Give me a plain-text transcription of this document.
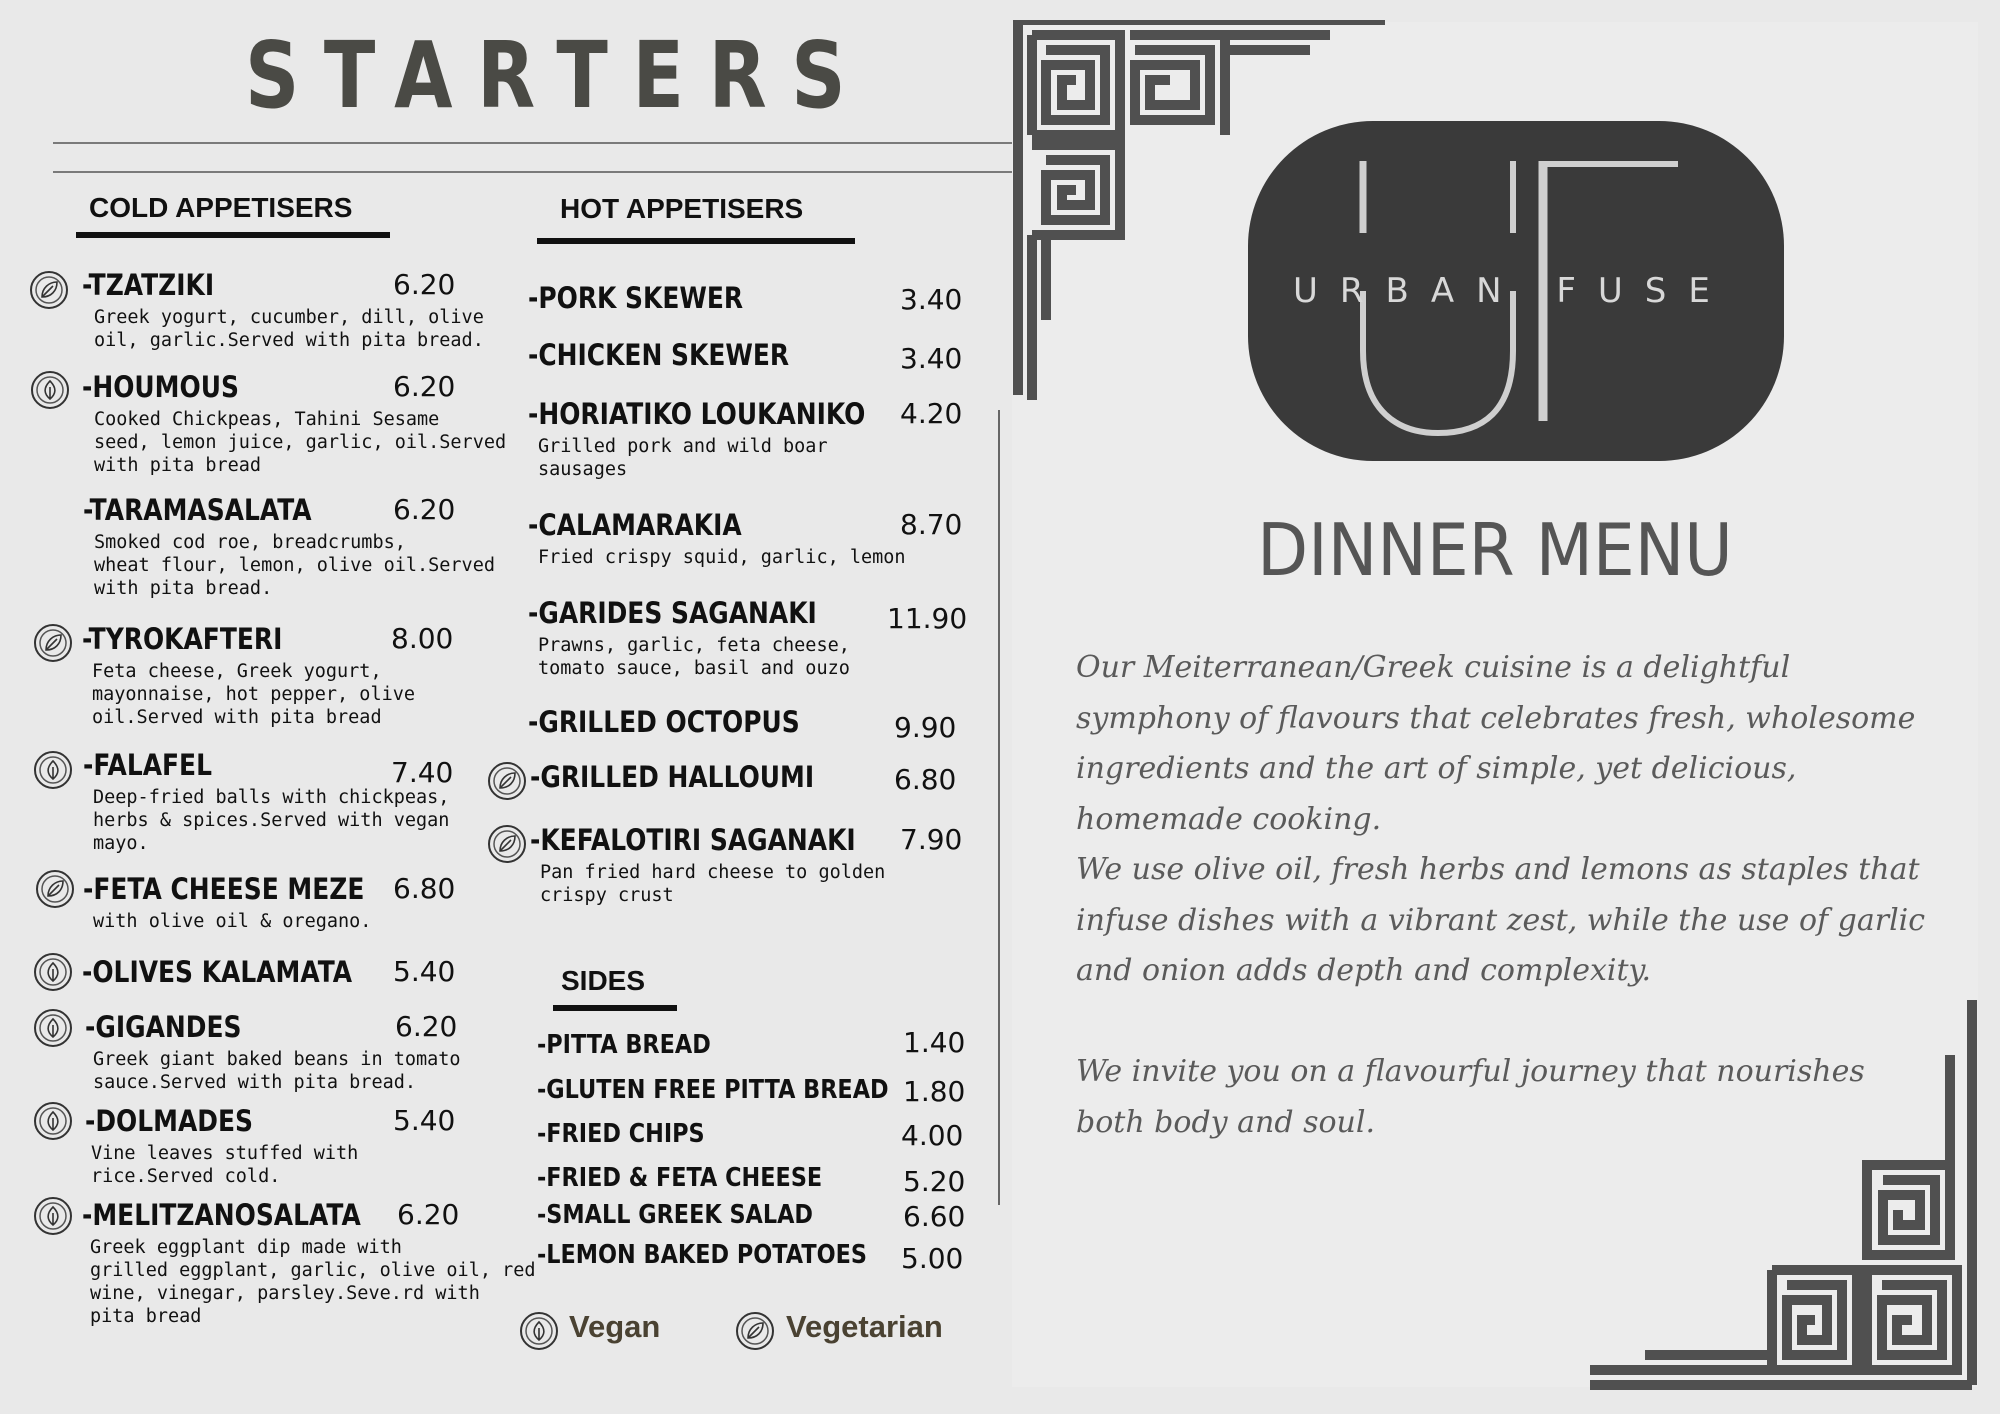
STARTERS
COLD APPETISERS	HOT APPETISERS
-TZATZIKI	6.20
Greek yogurt, cucumber, dill, olive
oil, garlic.Served with pita bread.
-HOUMOUS	6.20
Cooked Chickpeas, Tahini Sesame
seed, lemon juice, garlic, oil.Served
with pita bread
-TARAMASALATA	6.20
Smoked cod roe, breadcrumbs,
wheat flour, lemon, olive oil.Served
with pita bread.
-TYROKAFTERI	8.00
Feta cheese, Greek yogurt,
mayonnaise, hot pepper, olive
oil.Served with pita bread
-FALAFEL	7.40
Deep-fried balls with chickpeas,
herbs & spices.Served with vegan
mayo.
-FETA CHEESE MEZE 6.80
with olive oil & oregano.
-OLIVES KALAMATA 5.40
-GIGANDES	6.20
Greek giant baked beans in tomato
sauce.Served with pita bread.
-DOLMADES	5.40
Vine leaves stuffed with
rice.Served cold.
-MELITZANOSALATA	6.20
Greek eggplant dip made with
grilled eggplant, garlic, olive oil, red
wine, vinegar, parsley.Seve.rd with
pita bread
-PORK SKEWER	3.40
-CHICKEN SKEWER	3.40
-HORIATIKO LOUKANIKO 4.20
Grilled pork and wild boar
sausages
-CALAMARAKIA	8.70
Fried crispy squid, garlic, lemon
-GARIDES SAGANAKI	11.90
Prawns, garlic, feta cheese,
tomato sauce, basil and ouzo
-GRILLED OCTOPUS	9.90
-GRILLED HALLOUMI	6.80
-KEFALOTIRI SAGANAKI 7.90
Pan fried hard cheese to golden
crispy crust
SIDES
-PITTA BREAD	1.40
-GLUTEN FREE PITTA BREAD 1.80
-FRIED CHIPS	4.00
-FRIED & FETA CHEESE	5.20
-SMALL GREEK SALAD	6.60
-LEMON BAKED POTATOES 5.00
Vegan	Vegetarian
URBAN FUSE
DINNER MENU
Our Meiterranean/Greek cuisine is a delightful symphony of flavours that celebrates fresh, wholesome ingredients and the art of simple, yet delicious, homemade cooking.
We use olive oil, fresh herbs and lemons as staples that infuse dishes with a vibrant zest, while the use of garlic and onion adds depth and complexity.
We invite you on a flavourful journey that nourishes both body and soul.
